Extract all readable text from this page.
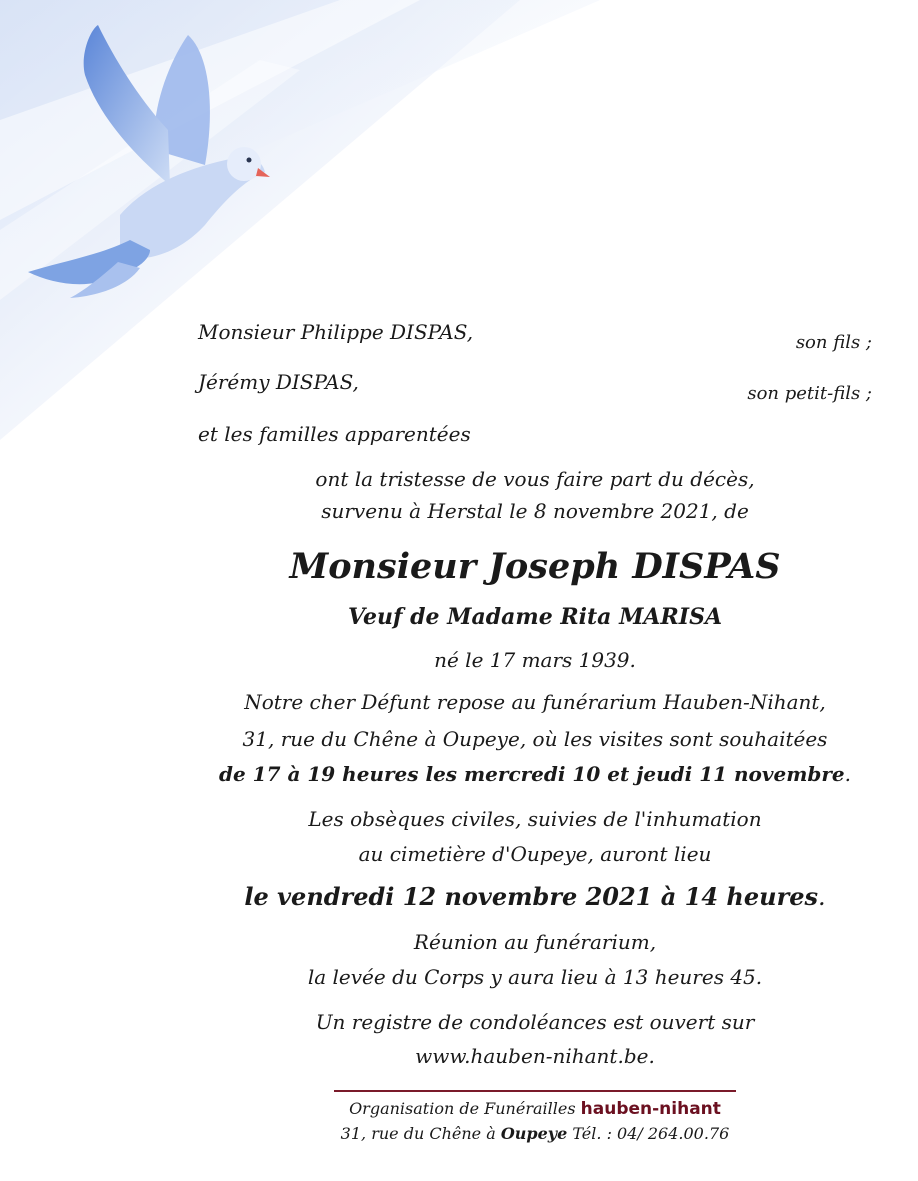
Monsieur Philippe DISPAS,	son fils ;
Jérémy DISPAS,	son petit-fils ;
et les familles apparentées
ont la tristesse de vous faire part du décès,
survenu à Herstal le 8 novembre 2021, de
Monsieur Joseph DISPAS
Veuf de Madame Rita MARISA
né le 17 mars 1939.
Notre cher Défunt repose au funérarium Hauben-Nihant,
31, rue du Chêne à Oupeye, où les visites sont souhaitées
de 17 à 19 heures les mercredi 10 et jeudi 11 novembre.
Les obsèques civiles, suivies de l'inhumation
au cimetière d'Oupeye, auront lieu
le vendredi 12 novembre 2021 à 14 heures.
Réunion au funérarium,
la levée du Corps y aura lieu à 13 heures 45.
Un registre de condoléances est ouvert sur
www.hauben-nihant.be.
Organisation de Funérailles hauben-nihant
31, rue du Chêne à Oupeye Tél. : 04/ 264.00.76
